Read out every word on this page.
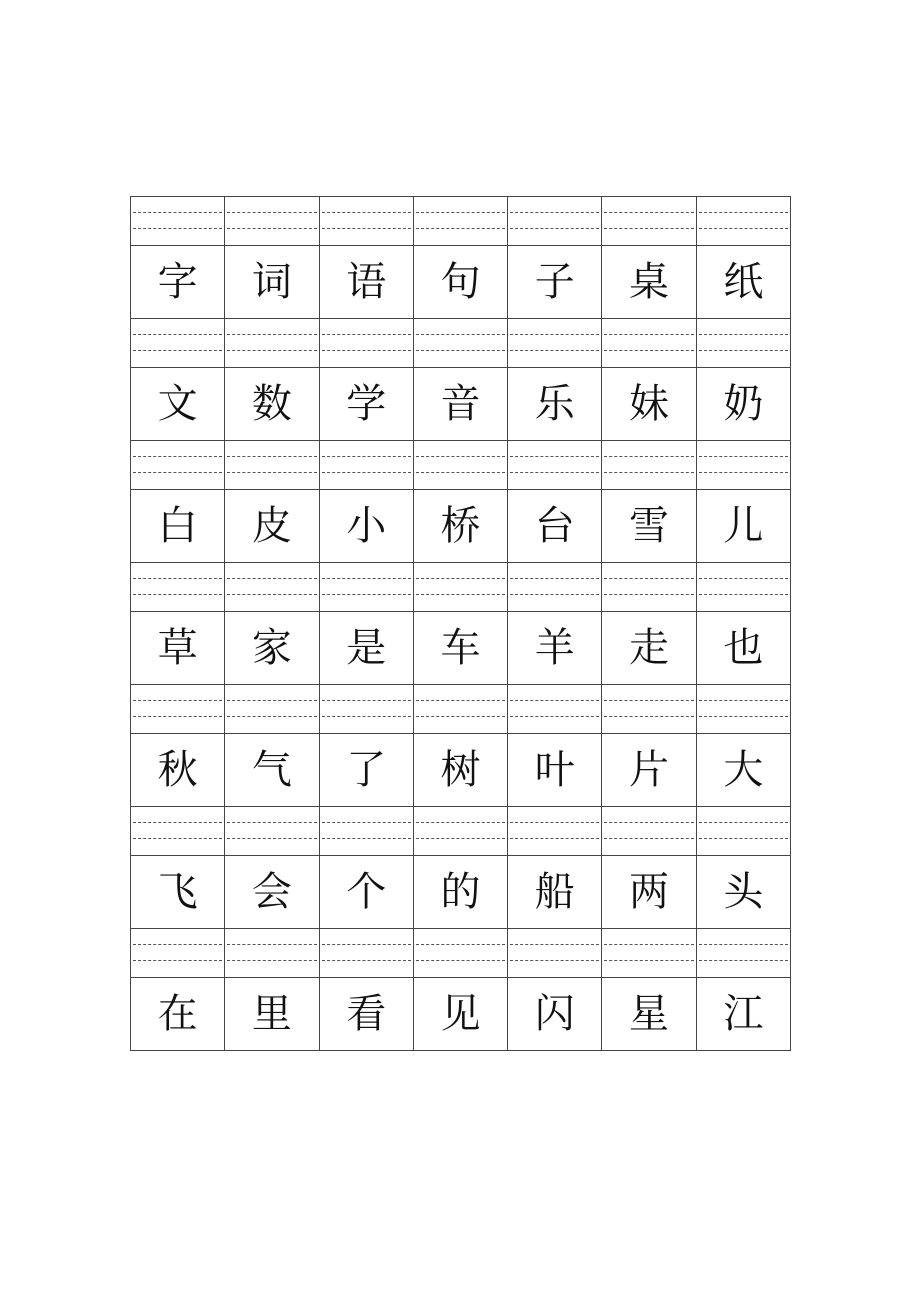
字	词	语	句	子	桌	纸
文	数	学	音	乐	妹	奶
白	皮	小	桥	台	雪	儿
草	家	是	车	羊	走	也
秋	气	了	树	叶	片	大
飞	会	个	的	船	两	头
在	里	看	见	闪	星	江
